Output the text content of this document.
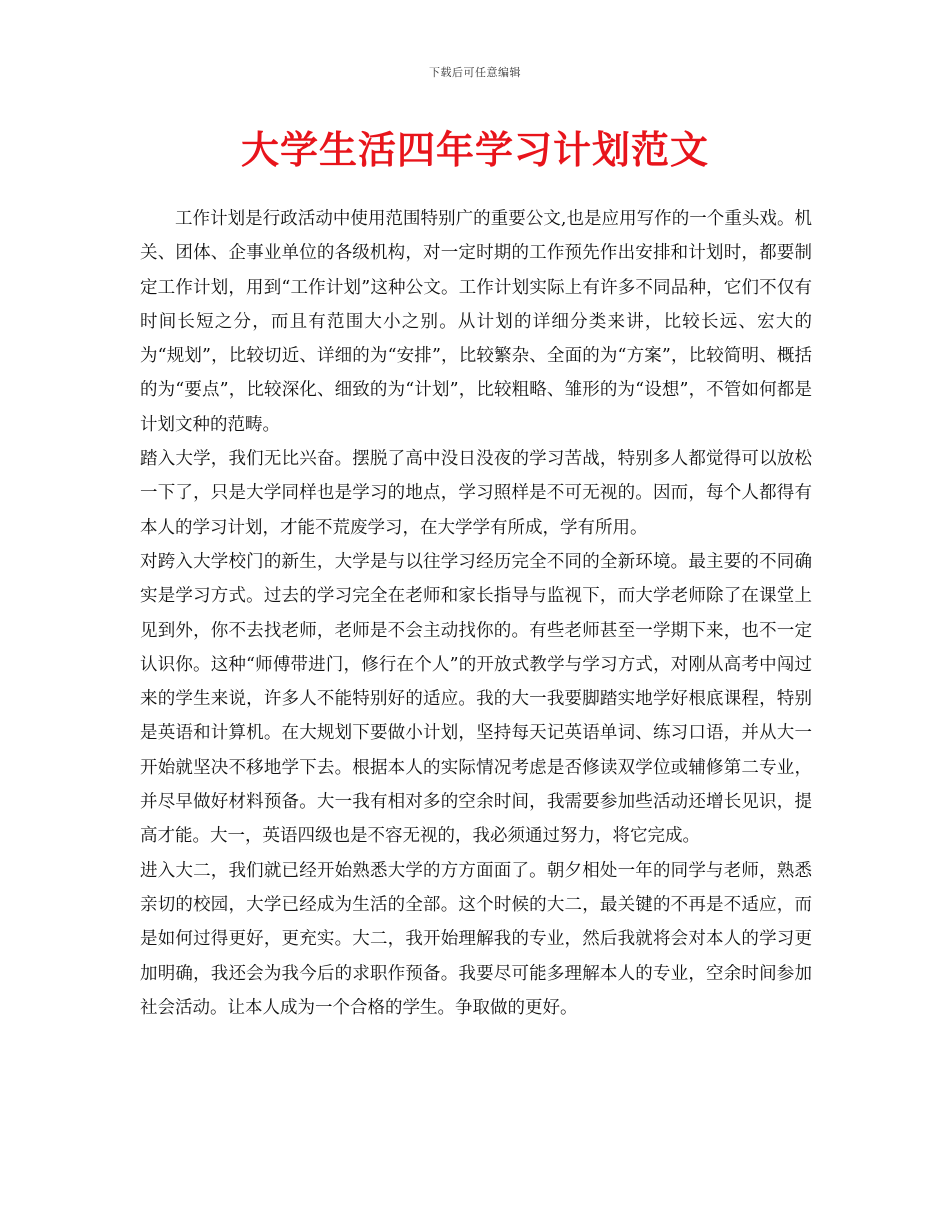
下载后可任意编辑
大学生活四年学习计划范文

工作计划是行政活动中使用范围特别广的重要公文,也是应用写作的一个重头戏。机关、团体、企事业单位的各级机构，对一定时期的工作预先作出安排和计划时，都要制定工作计划，用到“工作计划”这种公文。工作计划实际上有许多不同品种，它们不仅有时间长短之分，而且有范围大小之别。从计划的详细分类来讲，比较长远、宏大的为“规划”，比较切近、详细的为“安排”，比较繁杂、全面的为“方案”，比较简明、概括的为“要点”，比较深化、细致的为“计划”，比较粗略、雏形的为“设想”，不管如何都是计划文种的范畴。

踏入大学，我们无比兴奋。摆脱了高中没日没夜的学习苦战，特别多人都觉得可以放松一下了，只是大学同样也是学习的地点，学习照样是不可无视的。因而，每个人都得有本人的学习计划，才能不荒废学习，在大学学有所成，学有所用。

对跨入大学校门的新生，大学是与以往学习经历完全不同的全新环境。最主要的不同确实是学习方式。过去的学习完全在老师和家长指导与监视下，而大学老师除了在课堂上见到外，你不去找老师，老师是不会主动找你的。有些老师甚至一学期下来，也不一定认识你。这种“师傅带进门，修行在个人”的开放式教学与学习方式，对刚从高考中闯过来的学生来说，许多人不能特别好的适应。我的大一我要脚踏实地学好根底课程，特别是英语和计算机。在大规划下要做小计划，坚持每天记英语单词、练习口语，并从大一开始就坚决不移地学下去。根据本人的实际情况考虑是否修读双学位或辅修第二专业，并尽早做好材料预备。大一我有相对多的空余时间，我需要参加些活动还增长见识，提高才能。大一，英语四级也是不容无视的，我必须通过努力，将它完成。

进入大二，我们就已经开始熟悉大学的方方面面了。朝夕相处一年的同学与老师，熟悉亲切的校园，大学已经成为生活的全部。这个时候的大二，最关键的不再是不适应，而是如何过得更好，更充实。大二，我开始理解我的专业，然后我就将会对本人的学习更加明确，我还会为我今后的求职作预备。我要尽可能多理解本人的专业，空余时间参加社会活动。让本人成为一个合格的学生。争取做的更好。
